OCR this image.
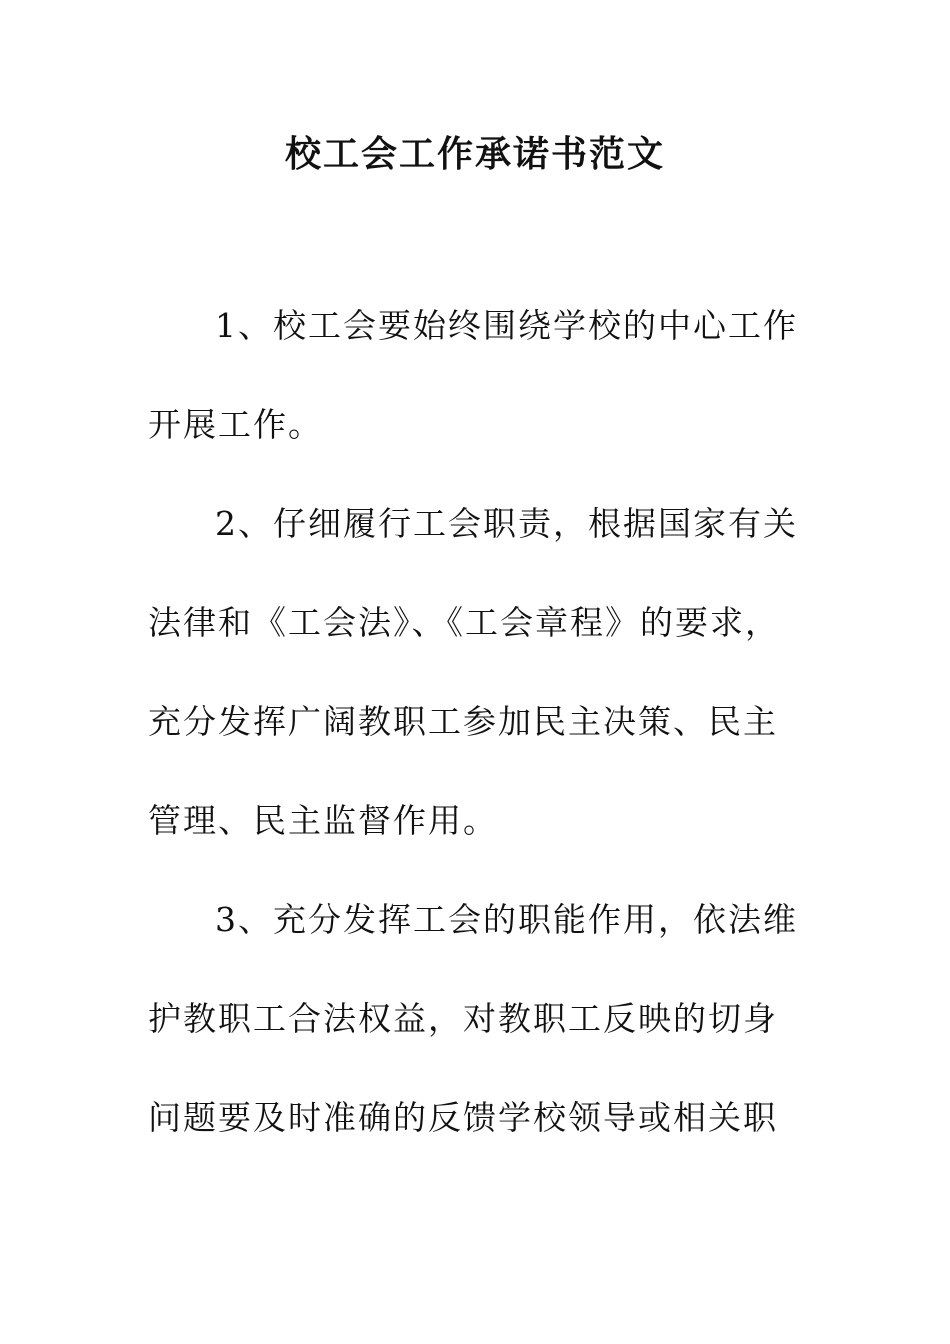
校工会工作承诺书范文
1、校工会要始终围绕学校的中心工作
开展工作。
2、仔细履行工会职责，根据国家有关
法律和《工会法》、《工会章程》的要求，
充分发挥广阔教职工参加民主决策、民主
管理、民主监督作用。
3、充分发挥工会的职能作用，依法维
护教职工合法权益，对教职工反映的切身
问题要及时准确的反馈学校领导或相关职
